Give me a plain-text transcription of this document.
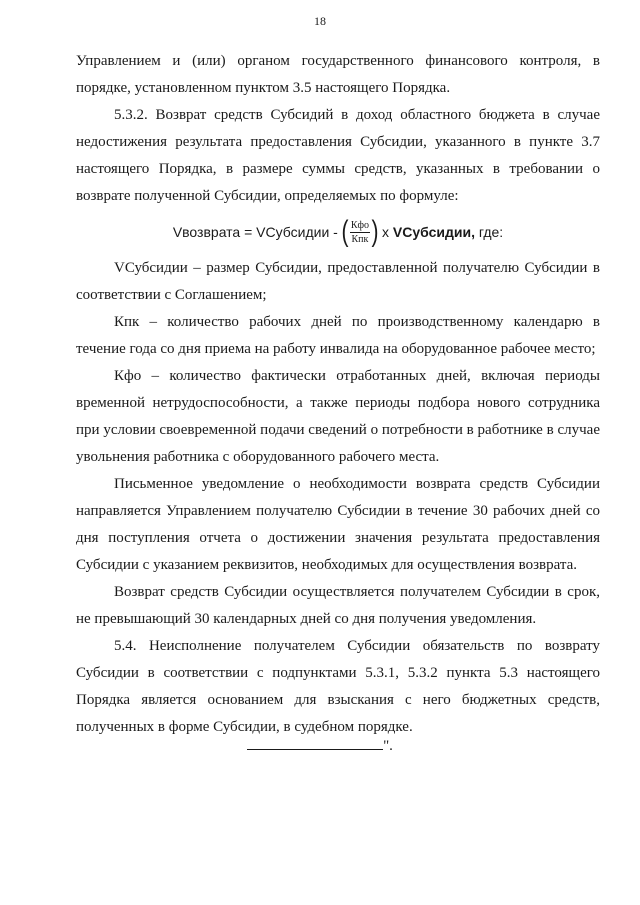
18

Управлением и (или) органом государственного финансового контроля, в порядке, установленном пунктом 3.5 настоящего Порядка.

5.3.2. Возврат средств Субсидий в доход областного бюджета в случае недостижения результата предоставления Субсидии, указанного в пункте 3.7 настоящего Порядка, в размере суммы средств, указанных в требовании о возврате полученной Субсидии, определяемых по формуле:

Vвозврата = VСубсидии - ( $\frac{\text{Кфо}}{\text{Кпк}}$ ) x
VСубсидии,
где:

VСубсидии – размер Субсидии, предоставленной получателю Субсидии в соответствии с Соглашением;

Кпк – количество рабочих дней по производственному календарю в течение года со дня приема на работу инвалида на оборудованное рабочее место;

Кфо – количество фактически отработанных дней, включая периоды временной нетрудоспособности, а также периоды подбора нового сотрудника при условии своевременной подачи сведений о потребности в работнике в случае увольнения работника с оборудованного рабочего места.

Письменное уведомление о необходимости возврата средств Субсидии направляется Управлением получателю Субсидии в течение 30 рабочих дней со дня поступления отчета о достижении значения результата предоставления Субсидии с указанием реквизитов, необходимых для осуществления возврата.

Возврат средств Субсидии осуществляется получателем Субсидии в срок, не превышающий 30 календарных дней со дня получения уведомления.

5.4. Неисполнение получателем Субсидии обязательств по возврату Субсидии в соответствии с подпунктами 5.3.1, 5.3.2 пункта 5.3 настоящего Порядка является основанием для взыскания с него бюджетных средств, полученных в форме Субсидии, в судебном порядке.

".
